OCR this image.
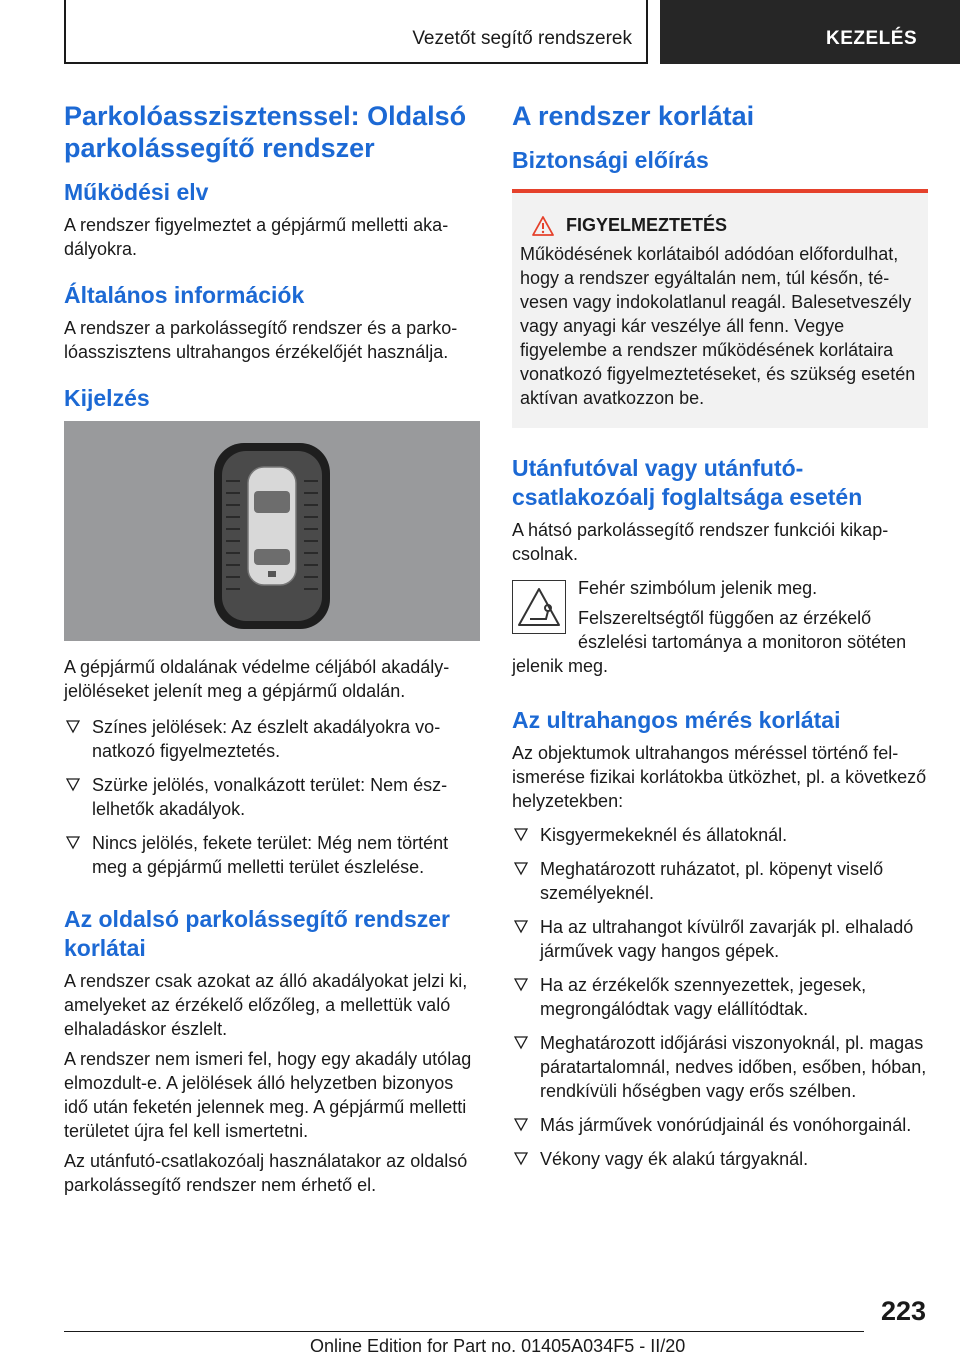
Vezetőt segítő rendszerek	KEZELÉS
Parkolóasszisztenssel: Oldalsó parkolássegítő rendszer
Működési elv

A rendszer figyelmeztet a gépjármű melletti akadályokra.

Általános információk

A rendszer a parkolássegítő rendszer és a parkolóasszisztens ultrahangos érzékelőjét használja.

Kijelzés

A gépjármű oldalának védelme céljából akadályjelöléseket jelenít meg a gépjármű oldalán.

Színes jelölések: Az észlelt akadályokra vonatkozó figyelmeztetés.
Szürke jelölés, vonalkázott terület: Nem észlelhetők akadályok.
Nincs jelölés, fekete terület: Még nem történt meg a gépjármű melletti terület észlelése.
Az oldalsó parkolássegítő rendszer korlátai

A rendszer csak azokat az álló akadályokat jelzi ki, amelyeket az érzékelő előzőleg, a mellettük való elhaladáskor észlelt.

A rendszer nem ismeri fel, hogy egy akadály utólag elmozdult-e. A jelölések álló helyzetben bizonyos idő után feketén jelennek meg. A gépjármű melletti területet újra fel kell ismertetni.

Az utánfutó-csatlakozóalj használatakor az oldalsó parkolássegítő rendszer nem érhető el.

A rendszer korlátai
Biztonsági előírás
FIGYELMEZTETÉS

Működésének korlátaiból adódóan előfordulhat, hogy a rendszer egyáltalán nem, túl későn, tévesen vagy indokolatlanul reagál. Balesetveszély vagy anyagi kár veszélye áll fenn. Vegye figyelembe a rendszer működésének korlátaira vonatkozó figyelmeztetéseket, és szükség esetén aktívan avatkozzon be.

Utánfutóval vagy utánfutó-csatlakozóalj foglaltsága esetén

A hátsó parkolássegítő rendszer funkciói kikapcsolnak.

Fehér szimbólum jelenik meg.

Felszereltségtől függően az érzékelő észlelési tartománya a monitoron sötéten jelenik meg.

Az ultrahangos mérés korlátai

Az objektumok ultrahangos méréssel történő felismerése fizikai korlátokba ütközhet, pl. a következő helyzetekben:

Kisgyermekeknél és állatoknál.
Meghatározott ruházatot, pl. köpenyt viselő személyeknél.
Ha az ultrahangot kívülről zavarják pl. elhaladó járművek vagy hangos gépek.
Ha az érzékelők szennyezettek, jegesek, megrongálódtak vagy elállítódtak.
Meghatározott időjárási viszonyoknál, pl. magas páratartalomnál, nedves időben, esőben, hóban, rendkívüli hőségben vagy erős szélben.
Más járművek vonórúdjainál és vonóhorgainál.
Vékony vagy ék alakú tárgyaknál.
223
Online Edition for Part no. 01405A034F5 - II/20
